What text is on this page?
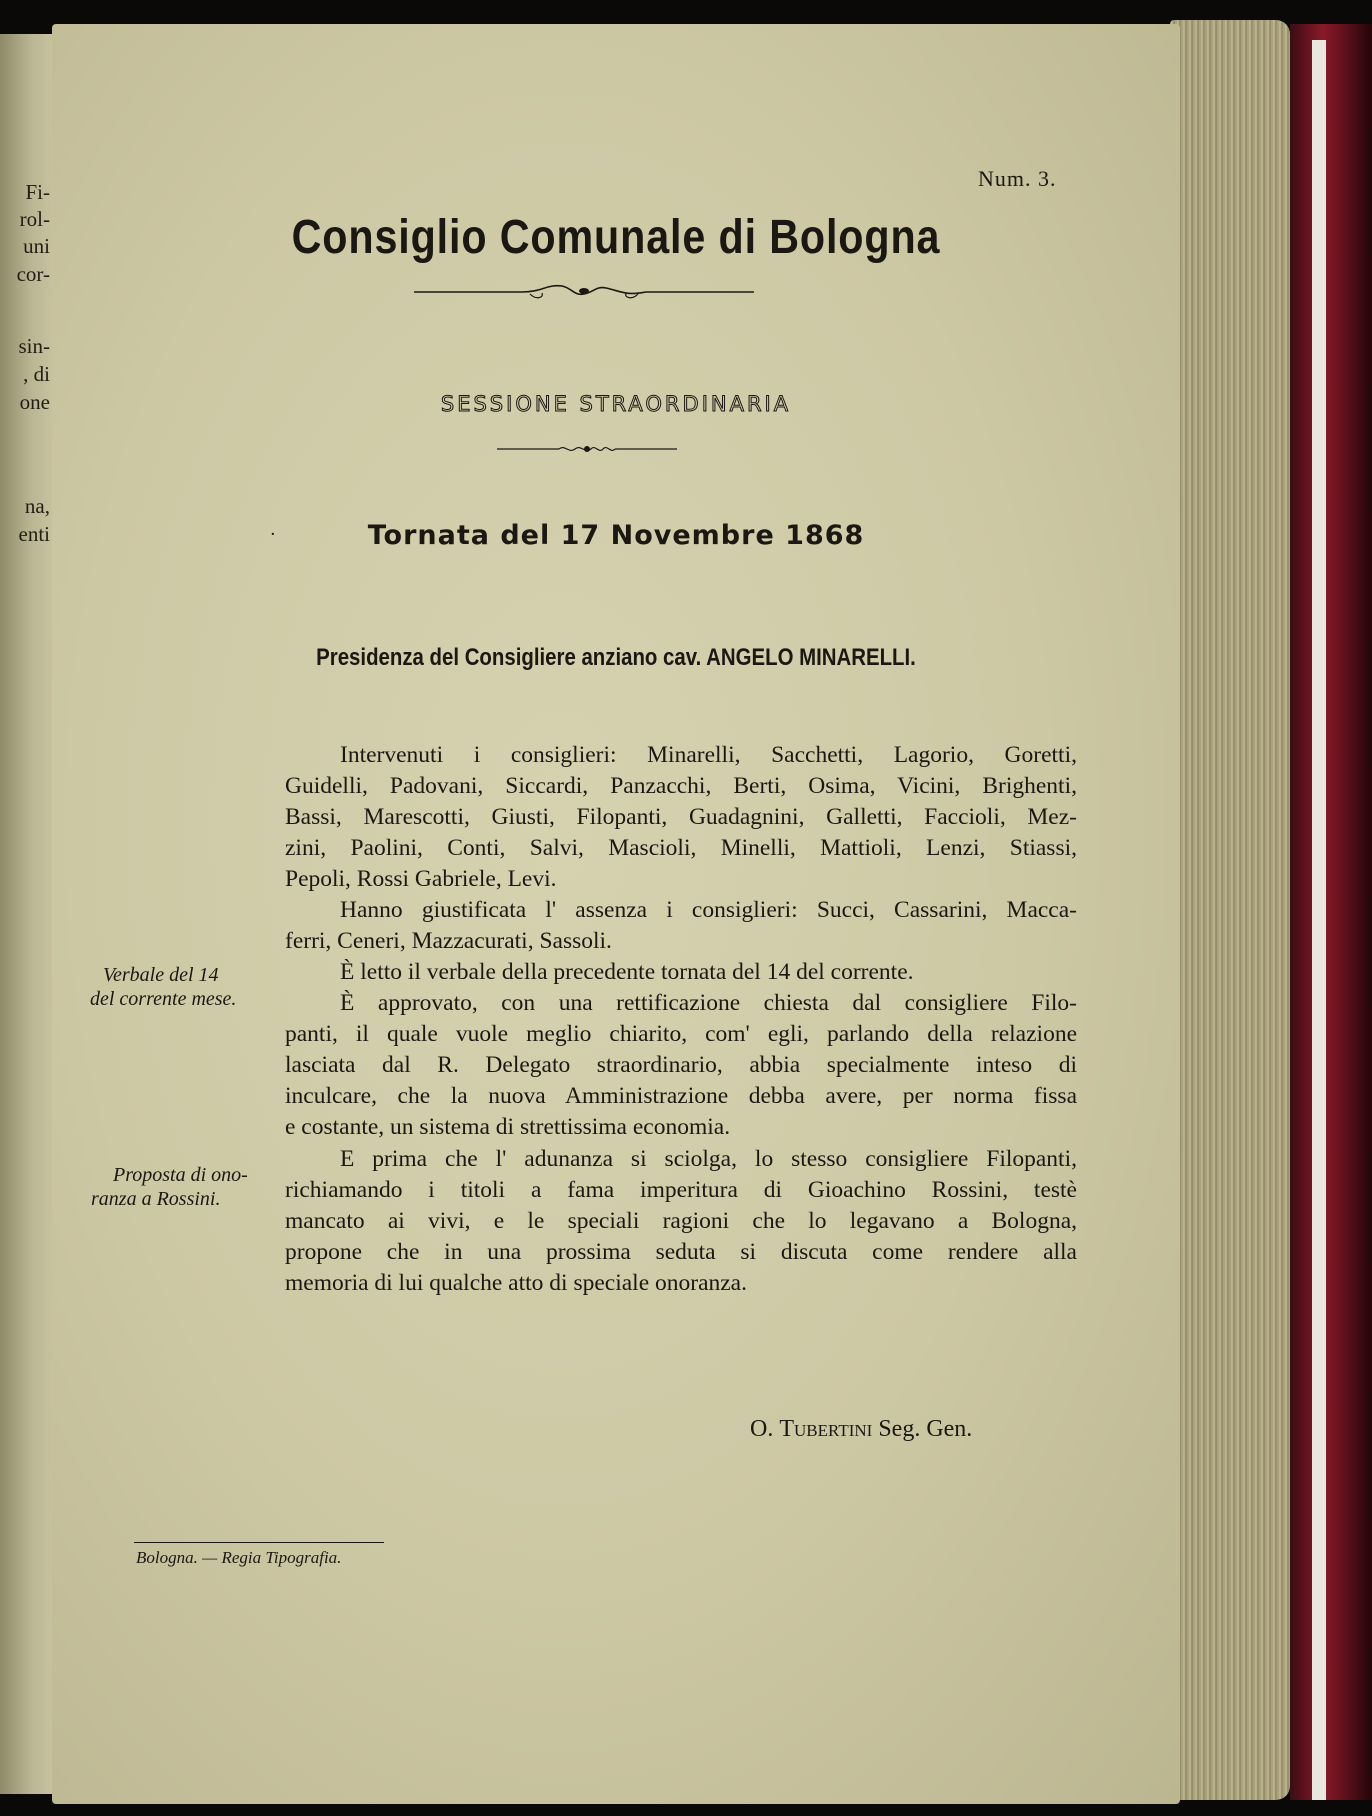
Fi-
rol-
uni
cor-
sin-
, di
one
na,
enti
Num. 3.
Consiglio Comunale di Bologna
SESSIONE STRAORDINARIA
·	Tornata del 17 Novembre 1868
Presidenza del Consigliere anziano cav. ANGELO MINARELLI.
Intervenuti i consiglieri: Minarelli, Sacchetti, Lagorio, Goretti,
Guidelli, Padovani, Siccardi, Panzacchi, Berti, Osima, Vicini, Brighenti,
Bassi, Marescotti, Giusti, Filopanti, Guadagnini, Galletti, Faccioli, Mez-
zini, Paolini, Conti, Salvi, Mascioli, Minelli, Mattioli, Lenzi, Stiassi,
Pepoli, Rossi Gabriele, Levi.
Hanno giustificata l' assenza i consiglieri: Succi, Cassarini, Macca-
ferri, Ceneri, Mazzacurati, Sassoli.
È letto il verbale della precedente tornata del 14 del corrente.
È approvato, con una rettificazione chiesta dal consigliere Filo-
panti, il quale vuole meglio chiarito, com' egli, parlando della relazione
lasciata dal R. Delegato straordinario, abbia specialmente inteso di
inculcare, che la nuova Amministrazione debba avere, per norma fissa
e costante, un sistema di strettissima economia.
E prima che l' adunanza si sciolga, lo stesso consigliere Filopanti,
richiamando i titoli a fama imperitura di Gioachino Rossini, testè
mancato ai vivi, e le speciali ragioni che lo legavano a Bologna,
propone che in una prossima seduta si discuta come rendere alla
memoria di lui qualche atto di speciale onoranza.
Verbale del 14
del corrente mese.
Proposta di ono-
ranza a Rossini.
O. Tubertini Seg. Gen.
Bologna. — Regia Tipografia.
